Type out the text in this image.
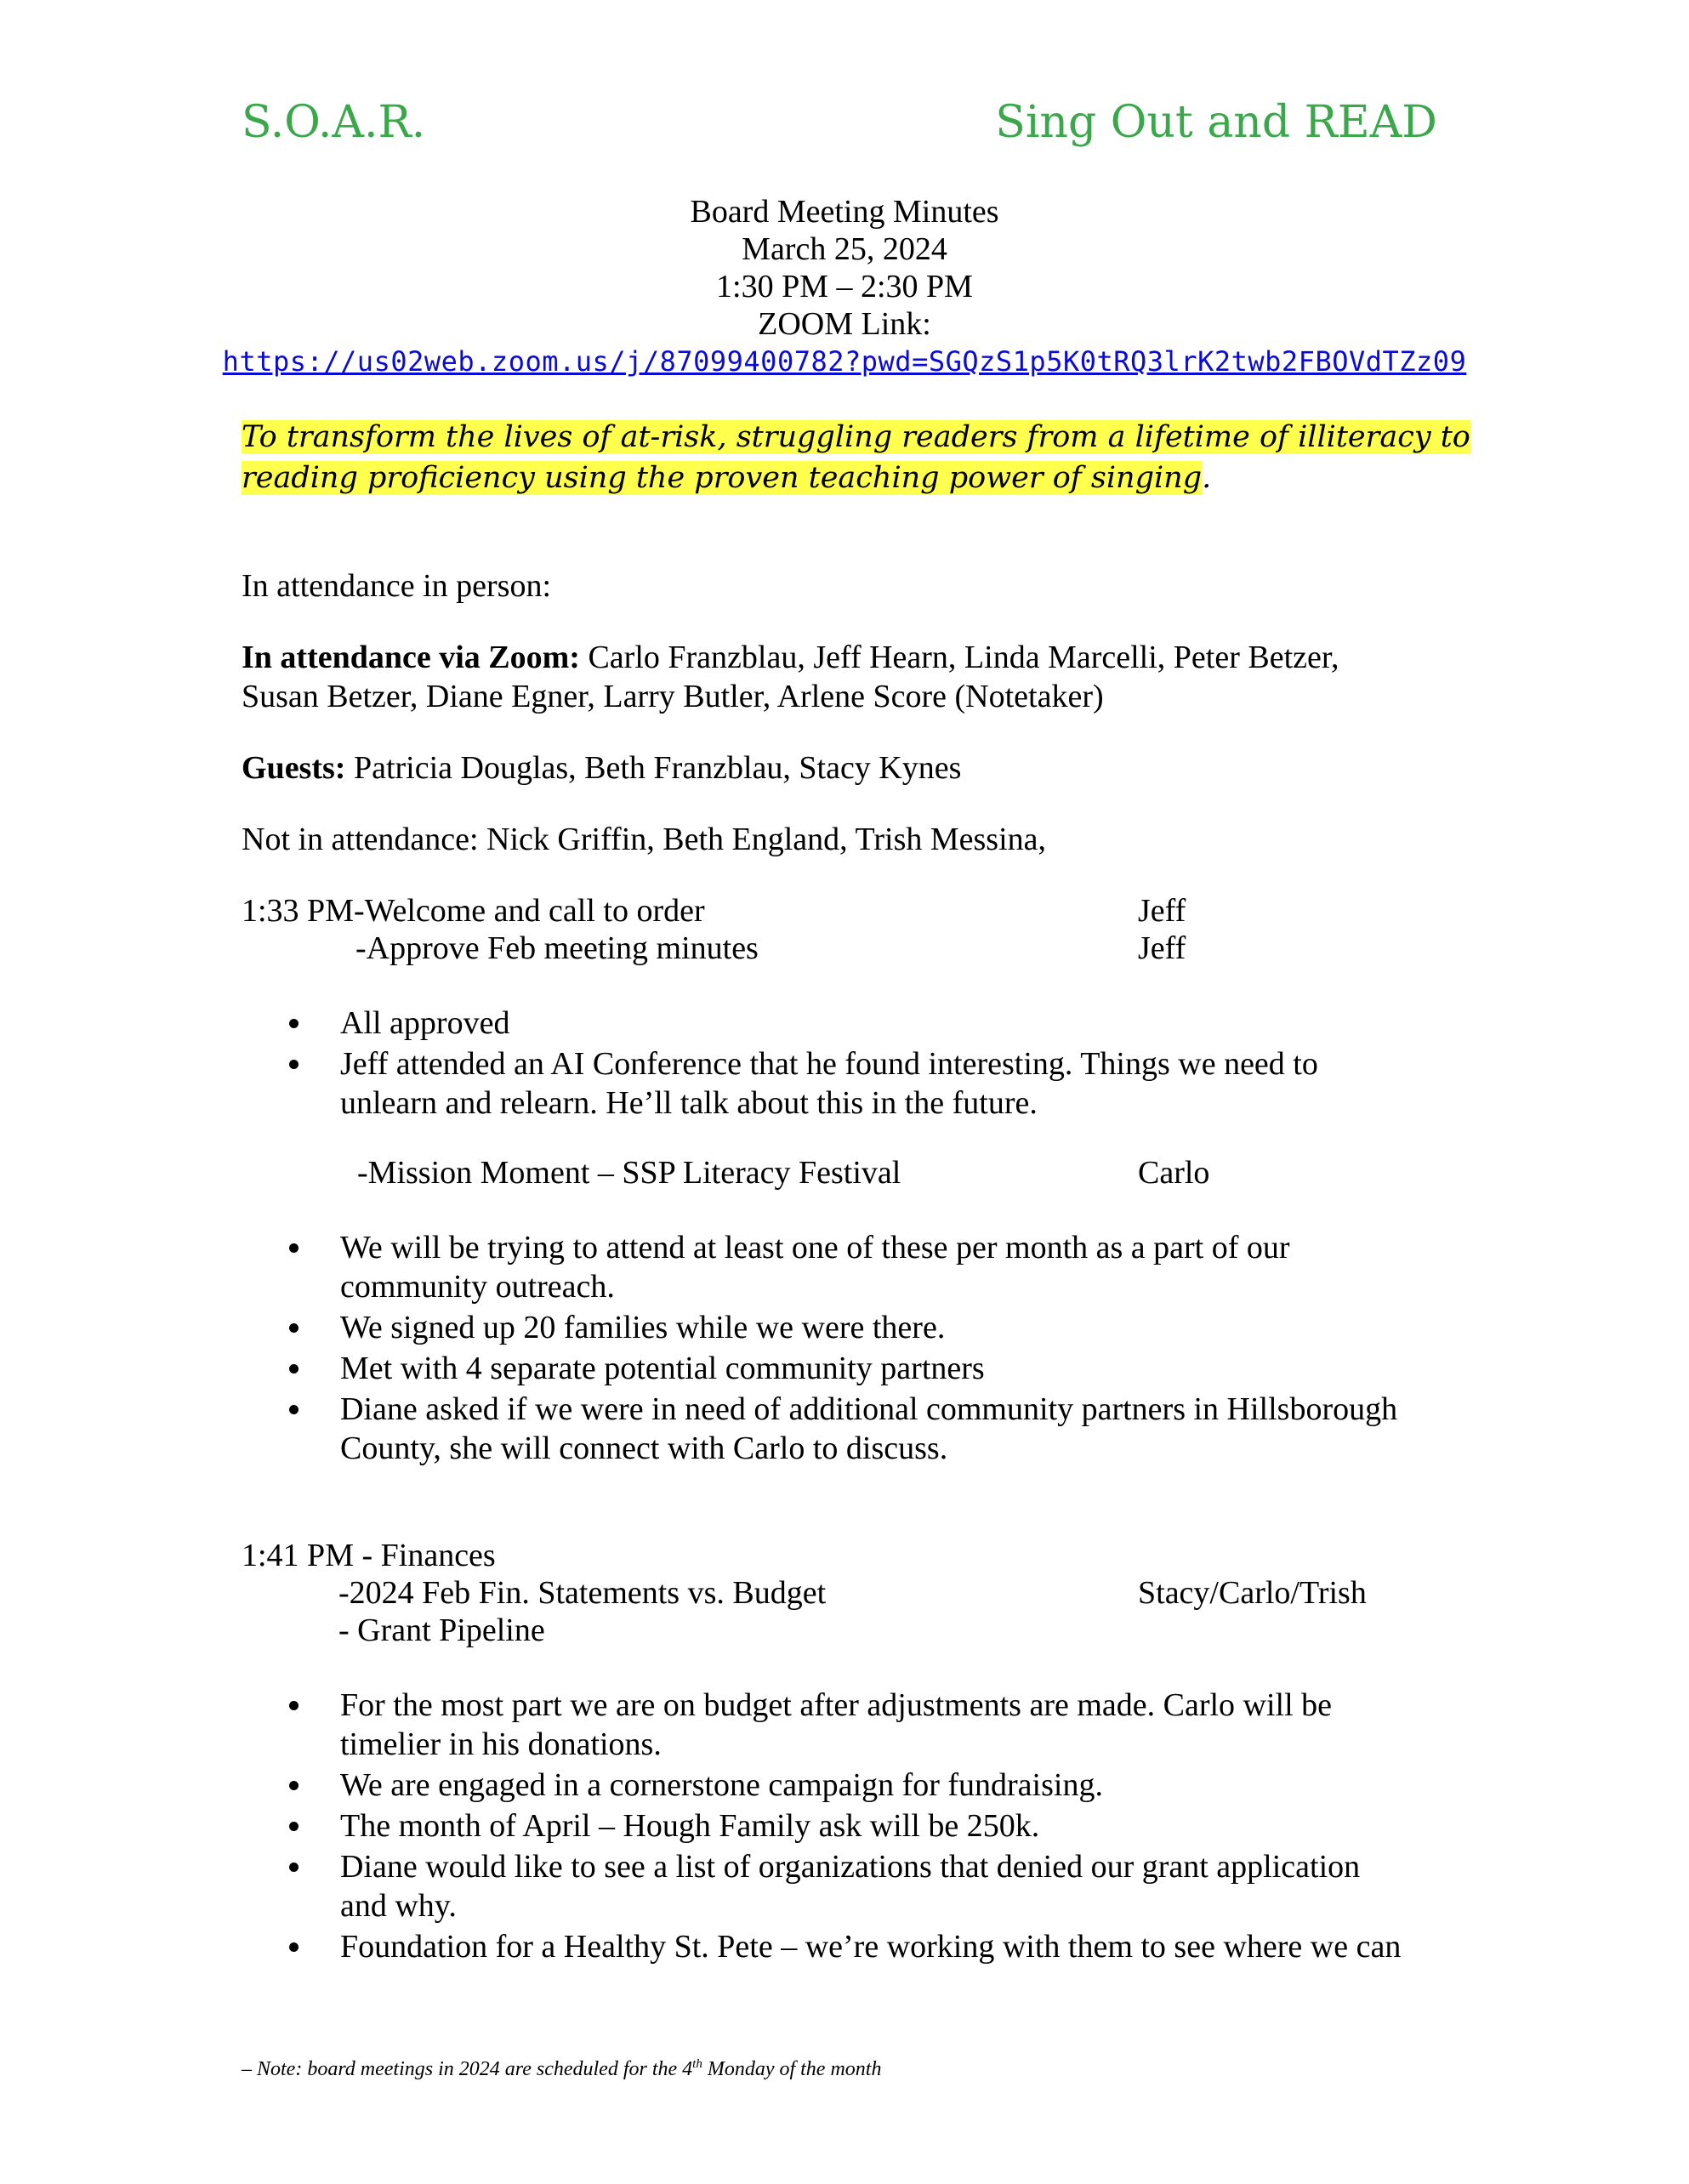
S.O.A.R.	Sing Out and READ
Board Meeting Minutes
March 25, 2024
1:30 PM – 2:30 PM
ZOOM Link:
https://us02web.zoom.us/j/87099400782?pwd=SGQzS1p5K0tRQ3lrK2twb2FBOVdTZz09
To transform the lives of at-risk, struggling readers from a lifetime of illiteracy to
reading proficiency using the proven teaching power of singing.
In attendance in person:
In attendance via Zoom: Carlo Franzblau, Jeff Hearn, Linda Marcelli, Peter Betzer,
Susan Betzer, Diane Egner, Larry Butler, Arlene Score (Notetaker)
Guests: Patricia Douglas, Beth Franzblau, Stacy Kynes
Not in attendance: Nick Griffin, Beth England, Trish Messina,
1:33 PM-Welcome and call to order	Jeff
-Approve Feb meeting minutes	Jeff
All approved
Jeff attended an AI Conference that he found interesting. Things we need to
unlearn and relearn. He’ll talk about this in the future.
-Mission Moment – SSP Literacy Festival	Carlo
We will be trying to attend at least one of these per month as a part of our
community outreach.
We signed up 20 families while we were there.
Met with 4 separate potential community partners
Diane asked if we were in need of additional community partners in Hillsborough
County, she will connect with Carlo to discuss.
1:41 PM - Finances
-2024 Feb Fin. Statements vs. Budget	Stacy/Carlo/Trish
- Grant Pipeline
For the most part we are on budget after adjustments are made. Carlo will be
timelier in his donations.
We are engaged in a cornerstone campaign for fundraising.
The month of April – Hough Family ask will be 250k.
Diane would like to see a list of organizations that denied our grant application
and why.
Foundation for a Healthy St. Pete – we’re working with them to see where we can
– Note: board meetings in 2024 are scheduled for the 4th Monday of the month
